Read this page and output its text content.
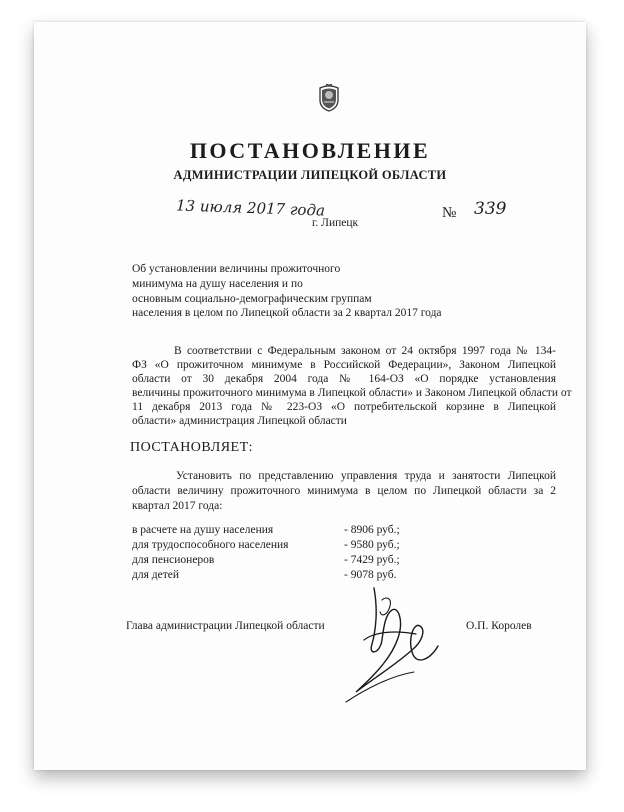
ПОСТАНОВЛЕНИЕ
АДМИНИСТРАЦИИ ЛИПЕЦКОЙ ОБЛАСТИ
13 июля 2017 года
г. Липецк
№ 339
Об установлении величины прожиточного
минимума на душу населения и по
основным социально-демографическим группам
населения в целом по Липецкой области за 2 квартал 2017 года
В соответствии с Федеральным законом от 24 октября 1997 года № 134-
ФЗ «О прожиточном минимуме в Российской Федерации», Законом Липецкой
области от 30 декабря 2004 года № 164-ОЗ «О порядке установления
величины прожиточного минимума в Липецкой области» и Законом Липецкой области от
11 декабря 2013 года № 223-ОЗ «О потребительской корзине в Липецкой
области» администрация Липецкой области
ПОСТАНОВЛЯЕТ:
Установить по представлению управления труда и занятости Липецкой
области величину прожиточного минимума в целом по Липецкой области за 2
квартал 2017 года:
в расчете на душу населения	- 8906 руб.;
для трудоспособного населения	- 9580 руб.;
для пенсионеров	- 7429 руб.;
для детей	- 9078 руб.
Глава администрации Липецкой области	О.П. Королев
